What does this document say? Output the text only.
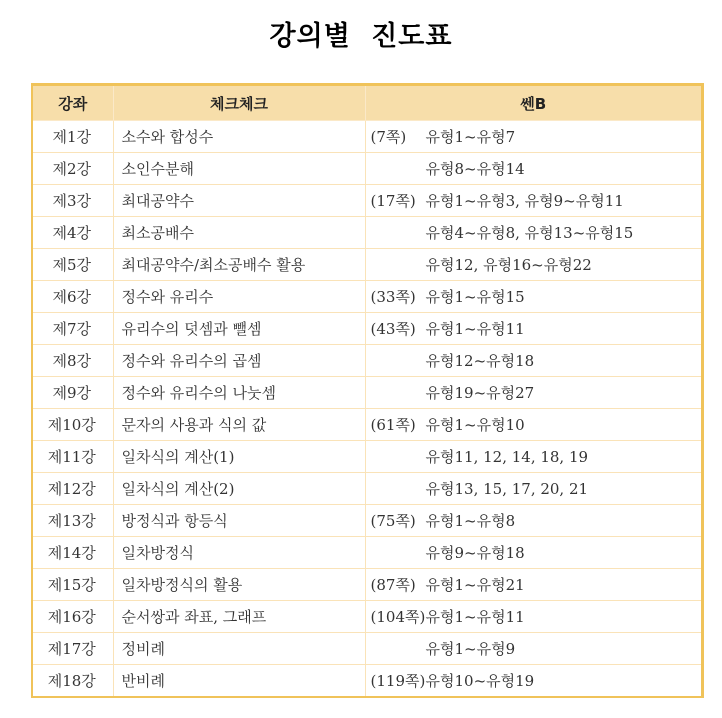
강의별 진도표
강좌	체크체크	쎈B
제1강	소수와 합성수	(7쪽) 유형1~유형7
제2강	소인수분해	유형8~유형14
제3강	최대공약수	(17쪽) 유형1~유형3, 유형9~유형11
제4강	최소공배수	유형4~유형8, 유형13~유형15
제5강	최대공약수/최소공배수 활용	유형12, 유형16~유형22
제6강	정수와 유리수	(33쪽) 유형1~유형15
제7강	유리수의 덧셈과 뺄셈	(43쪽) 유형1~유형11
제8강	정수와 유리수의 곱셈	유형12~유형18
제9강	정수와 유리수의 나눗셈	유형19~유형27
제10강	문자의 사용과 식의 값	(61쪽) 유형1~유형10
제11강	일차식의 계산(1)	유형11, 12, 14, 18, 19
제12강	일차식의 계산(2)	유형13, 15, 17, 20, 21
제13강	방정식과 항등식	(75쪽) 유형1~유형8
제14강	일차방정식	유형9~유형18
제15강	일차방정식의 활용	(87쪽) 유형1~유형21
제16강	순서쌍과 좌표, 그래프	(104쪽)유형1~유형11
제17강	정비례	유형1~유형9
제18강	반비례	(119쪽)유형10~유형19
